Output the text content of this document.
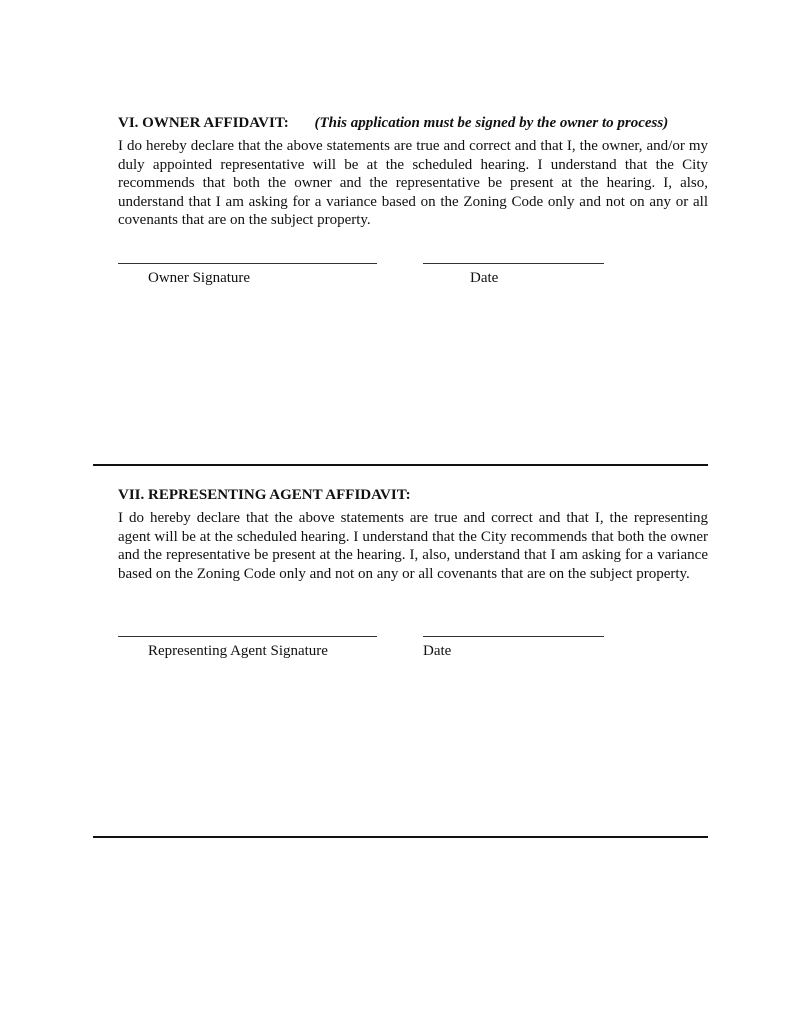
VI. OWNER AFFIDAVIT: (This application must be signed by the owner to process)
I do hereby declare that the above statements are true and correct and that I, the owner, and/or my duly appointed representative will be at the scheduled hearing. I understand that the City recommends that both the owner and the representative be present at the hearing. I, also, understand that I am asking for a variance based on the Zoning Code only and not on any or all covenants that are on the subject property.
Owner Signature	Date
VII. REPRESENTING AGENT AFFIDAVIT:
I do hereby declare that the above statements are true and correct and that I, the representing agent will be at the scheduled hearing. I understand that the City recommends that both the owner and the representative be present at the hearing. I, also, understand that I am asking for a variance based on the Zoning Code only and not on any or all covenants that are on the subject property.
Representing Agent Signature	Date
